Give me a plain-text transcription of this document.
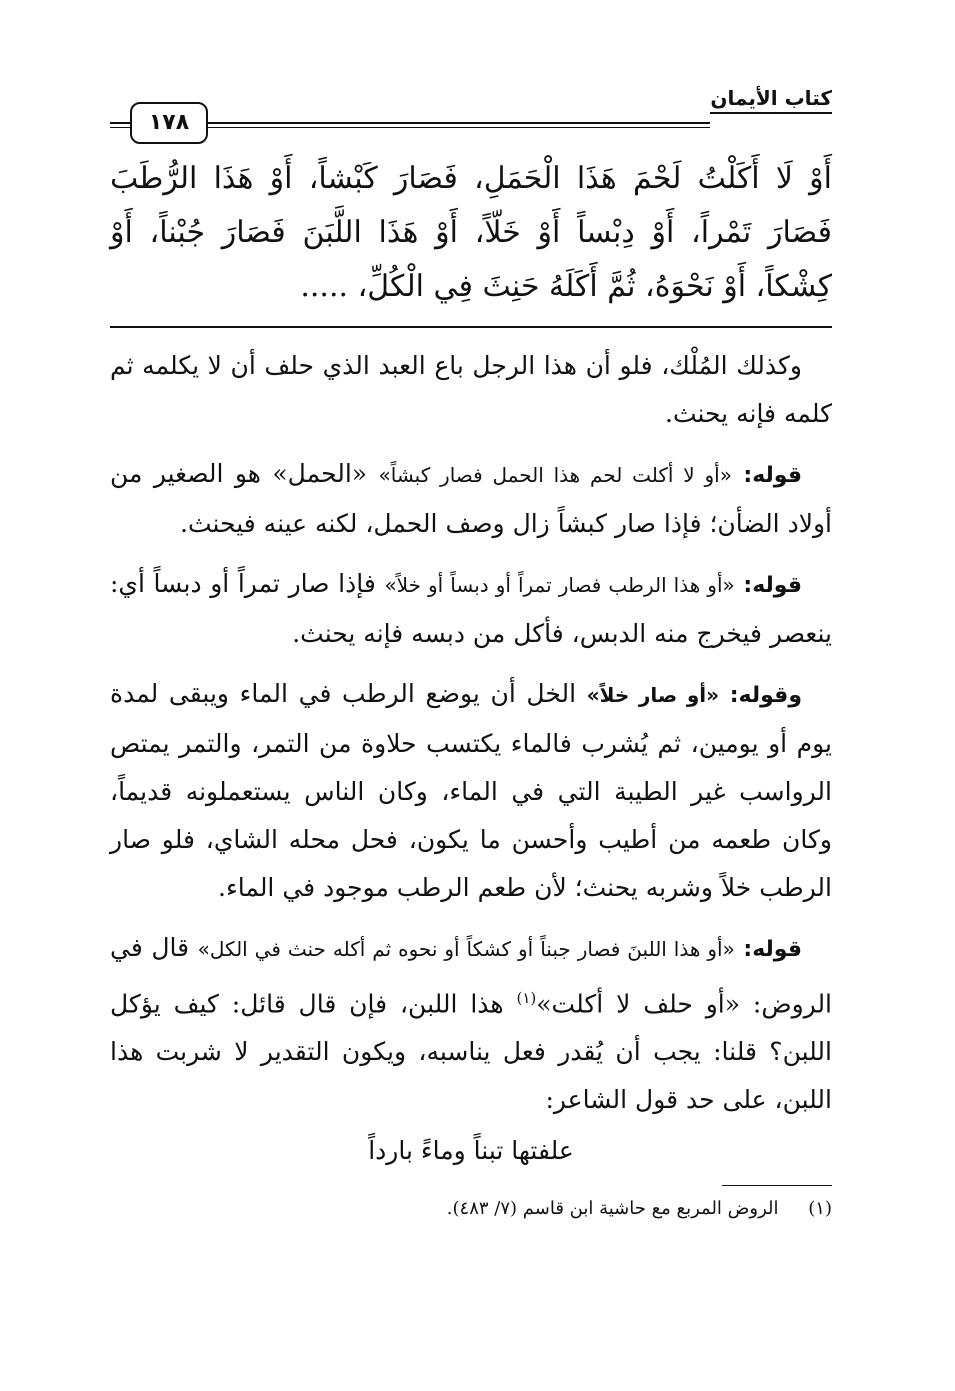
كتاب الأيمان
١٧٨

أَوْ لَا أَكَلْتُ لَحْمَ هَذَا الْحَمَلِ، فَصَارَ كَبْشاً، أَوْ هَذَا الرُّطَبَ فَصَارَ تَمْراً، أَوْ دِبْساً أَوْ خَلّاً، أَوْ هَذَا اللَّبَنَ فَصَارَ جُبْناً، أَوْ كِشْكاً، أَوْ نَحْوَهُ، ثُمَّ أَكَلَهُ حَنِثَ فِي الْكُلِّ، .....

وكذلك المُلْك، فلو أن هذا الرجل باع العبد الذي حلف أن لا يكلمه ثم كلمه فإنه يحنث.

قوله: «أو لا أكلت لحم هذا الحمل فصار كبشاً» «الحمل» هو الصغير من أولاد الضأن؛ فإذا صار كبشاً زال وصف الحمل، لكنه عينه فيحنث.

قوله: «أو هذا الرطب فصار تمراً أو دبساً أو خلاً» فإذا صار تمراً أو دبساً أي: ينعصر فيخرج منه الدبس، فأكل من دبسه فإنه يحنث.

وقوله: «أو صار خلاً» الخل أن يوضع الرطب في الماء ويبقى لمدة يوم أو يومين، ثم يُشرب فالماء يكتسب حلاوة من التمر، والتمر يمتص الرواسب غير الطيبة التي في الماء، وكان الناس يستعملونه قديماً، وكان طعمه من أطيب وأحسن ما يكون، فحل محله الشاي، فلو صار الرطب خلاً وشربه يحنث؛ لأن طعم الرطب موجود في الماء.

قوله: «أو هذا اللبنَ فصار جبناً أو كشكاً أو نحوه ثم أكله حنث في الكل» قال في الروض: «أو حلف لا أكلت»$^{(١)}$ هذا اللبن، فإن قال قائل: كيف يؤكل اللبن؟ قلنا: يجب أن يُقدر فعل يناسبه، ويكون التقدير لا شربت هذا اللبن، على حد قول الشاعر:

علفتها تبناً وماءً بارداً

(١) الروض المربع مع حاشية ابن قاسم (٧/ ٤٨٣).
